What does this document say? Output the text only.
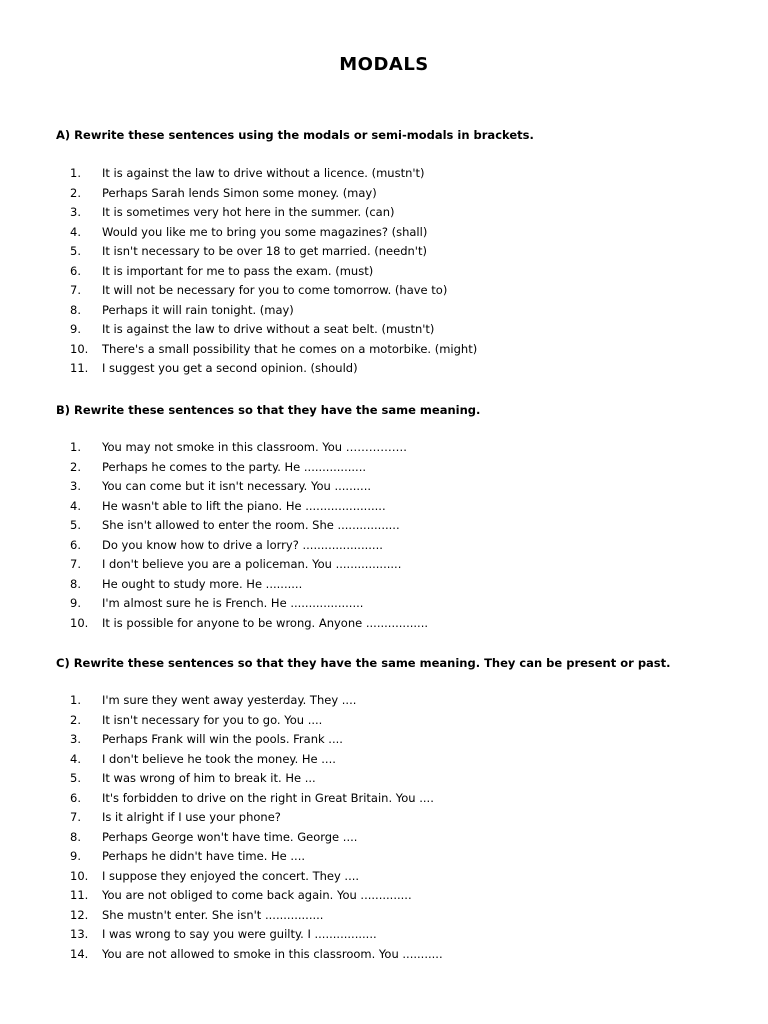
MODALS
A) Rewrite these sentences using the modals or semi-modals in brackets.
1.	It is against the law to drive without a licence. (mustn't)
2.	Perhaps Sarah lends Simon some money. (may)
3.	It is sometimes very hot here in the summer. (can)
4.	Would you like me to bring you some magazines? (shall)
5.	It isn't necessary to be over 18 to get married. (needn't)
6.	It is important for me to pass the exam. (must)
7.	It will not be necessary for you to come tomorrow. (have to)
8.	Perhaps it will rain tonight. (may)
9.	It is against the law to drive without a seat belt. (mustn't)
10.	There's a small possibility that he comes on a motorbike. (might)
11.	I suggest you get a second opinion. (should)
B) Rewrite these sentences so that they have the same meaning.
1.	You may not smoke in this classroom. You …………….
2.	Perhaps he comes to the party. He .................
3.	You can come but it isn't necessary. You ..........
4.	He wasn't able to lift the piano. He ......................
5.	She isn't allowed to enter the room. She .................
6.	Do you know how to drive a lorry? ......................
7.	I don't believe you are a policeman. You ..................
8.	He ought to study more. He ..........
9.	I'm almost sure he is French. He ....................
10.	It is possible for anyone to be wrong. Anyone .................
C) Rewrite these sentences so that they have the same meaning. They can be present or past.
1.	I'm sure they went away yesterday. They ....
2.	It isn't necessary for you to go. You ....
3.	Perhaps Frank will win the pools. Frank ....
4.	I don't believe he took the money. He ....
5.	It was wrong of him to break it. He ...
6.	It's forbidden to drive on the right in Great Britain. You ....
7.	Is it alright if I use your phone?
8.	Perhaps George won't have time. George ....
9.	Perhaps he didn't have time. He ....
10.	I suppose they enjoyed the concert. They ....
11.	You are not obliged to come back again. You ..............
12.	She mustn't enter. She isn't ................
13.	I was wrong to say you were guilty. I .................
14.	You are not allowed to smoke in this classroom. You ...........
